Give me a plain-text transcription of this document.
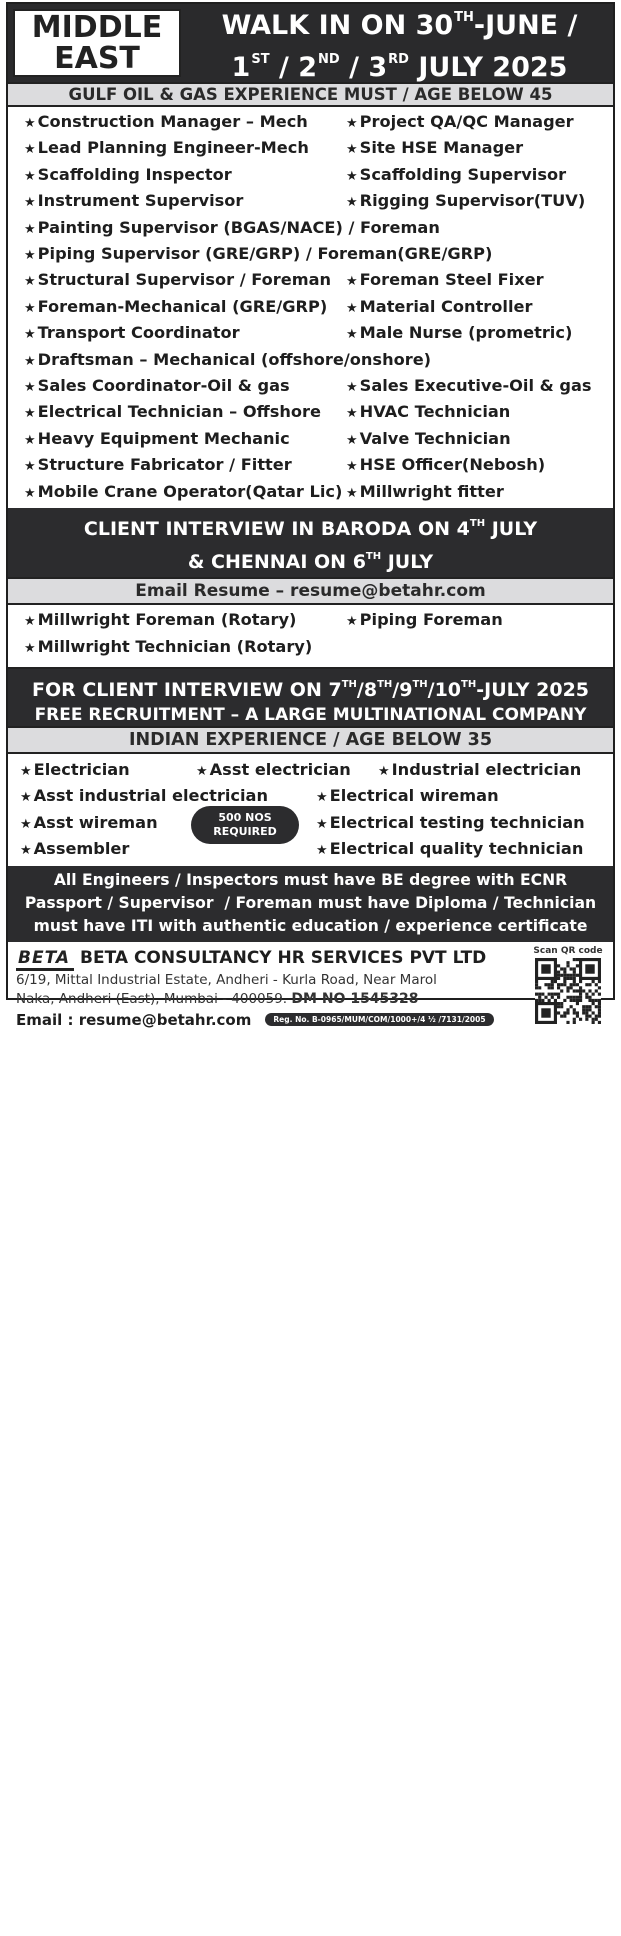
MIDDLE
EAST
WALK IN ON 30TH-JUNE /
1ST / 2ND / 3RD JULY 2025
GULF OIL & GAS EXPERIENCE MUST / AGE BELOW 45
★ Construction Manager – Mech	★ Project QA/QC Manager
★ Lead Planning Engineer-Mech	★ Site HSE Manager
★ Scaffolding Inspector	★ Scaffolding Supervisor
★ Instrument Supervisor	★ Rigging Supervisor(TUV)
★ Painting Supervisor (BGAS/NACE) / Foreman
★ Piping Supervisor (GRE/GRP) / Foreman(GRE/GRP)
★ Structural Supervisor / Foreman	★ Foreman Steel Fixer
★ Foreman-Mechanical (GRE/GRP)	★ Material Controller
★ Transport Coordinator	★ Male Nurse (prometric)
★ Draftsman – Mechanical (offshore/onshore)
★ Sales Coordinator-Oil & gas	★ Sales Executive-Oil & gas
★ Electrical Technician – Offshore	★ HVAC Technician
★ Heavy Equipment Mechanic	★ Valve Technician
★ Structure Fabricator / Fitter	★ HSE Officer(Nebosh)
★ Mobile Crane Operator(Qatar Lic) ★ Millwright fitter
CLIENT INTERVIEW IN BARODA ON 4TH JULY
& CHENNAI ON 6TH JULY
Email Resume – resume@betahr.com
★ Millwright Foreman (Rotary)	★ Piping Foreman
★ Millwright Technician (Rotary)
FOR CLIENT INTERVIEW ON 7TH/8TH/9TH/10TH-JULY 2025
FREE RECRUITMENT – A LARGE MULTINATIONAL COMPANY
INDIAN EXPERIENCE / AGE BELOW 35
★ Electrician	★ Asst electrician	★ Industrial electrician
★ Asst industrial electrician	★ Electrical wireman
★ Asst wireman	★ Electrical testing technician
★ Assembler	★ Electrical quality technician
500 NOS
REQUIRED
All Engineers / Inspectors must have BE degree with ECNR
Passport / Supervisor  / Foreman must have Diploma / Technician
must have ITI with authentic education / experience certificate
BETA BETA CONSULTANCY HR SERVICES PVT LTD
6/19, Mittal Industrial Estate, Andheri - Kurla Road, Near Marol
Naka, Andheri (East), Mumbai - 400059. DM NO 1545328
Email : resume@betahr.com	Reg. No. B-0965/MUM/COM/1000+/4 ½ /7131/2005
Scan QR code
